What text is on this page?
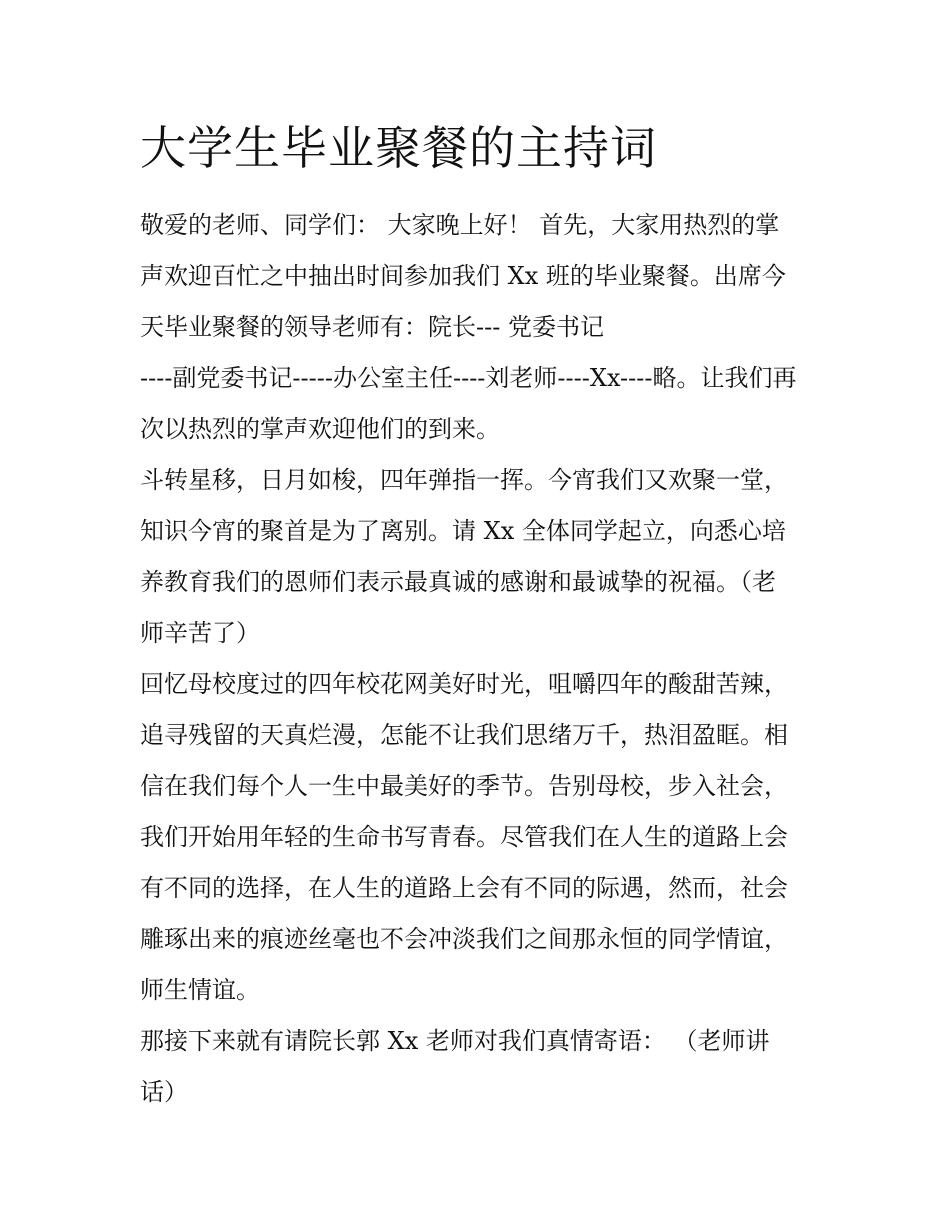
大学生毕业聚餐的主持词

敬爱的老师、同学们： 大家晚上好！ 首先，大家用热烈的掌

声欢迎百忙之中抽出时间参加我们 Xx 班的毕业聚餐。出席今

天毕业聚餐的领导老师有：院长--- 党委书记

----副党委书记-----办公室主任----刘老师----Xx----略。让我们再

次以热烈的掌声欢迎他们的到来。

斗转星移，日月如梭，四年弹指一挥。今宵我们又欢聚一堂，

知识今宵的聚首是为了离别。请 Xx 全体同学起立，向悉心培

养教育我们的恩师们表示最真诚的感谢和最诚挚的祝福。（老

师辛苦了）

回忆母校度过的四年校花网美好时光，咀嚼四年的酸甜苦辣，

追寻残留的天真烂漫，怎能不让我们思绪万千，热泪盈眶。相

信在我们每个人一生中最美好的季节。告别母校，步入社会，

我们开始用年轻的生命书写青春。尽管我们在人生的道路上会

有不同的选择，在人生的道路上会有不同的际遇，然而，社会

雕琢出来的痕迹丝毫也不会冲淡我们之间那永恒的同学情谊，

师生情谊。

那接下来就有请院长郭 Xx 老师对我们真情寄语： （老师讲

话）
